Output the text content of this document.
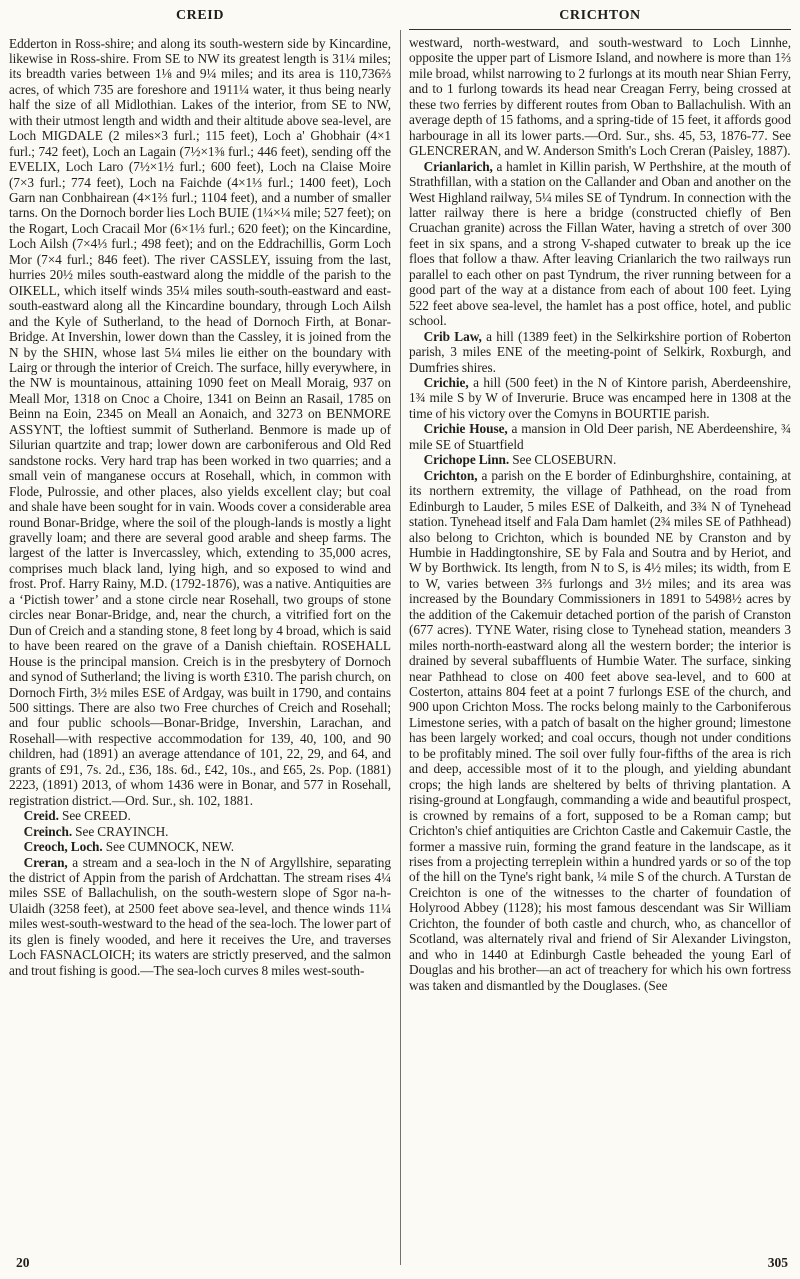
CREID

Edderton in Ross-shire; and along its south-western side by Kincardine, likewise in Ross-shire. From SE to NW its greatest length is 31¼ miles; its breadth varies between 1⅛ and 9¼ miles; and its area is 110,736⅔ acres, of which 735 are foreshore and 1911¼ water, it thus being nearly half the size of all Midlothian. Lakes of the interior, from SE to NW, with their utmost length and width and their altitude above sea-level, are Loch MIGDALE (2 miles×3 furl.; 115 feet), Loch a' Ghobhair (4×1 furl.; 742 feet), Loch an Lagain (7½×1⅜ furl.; 446 feet), sending off the EVELIX, Loch Laro (7½×1½ furl.; 600 feet), Loch na Claise Moire (7×3 furl.; 774 feet), Loch na Faichde (4×1⅓ furl.; 1400 feet), Loch Garn nan Conbhairean (4×1⅔ furl.; 1104 feet), and a number of smaller tarns. On the Dornoch border lies Loch BUIE (1¼×¼ mile; 527 feet); on the Rogart, Loch Cracail Mor (6×1⅓ furl.; 620 feet); on the Kincardine, Loch Ailsh (7×4⅓ furl.; 498 feet); and on the Eddrachillis, Gorm Loch Mor (7×4 furl.; 846 feet). The river CASSLEY, issuing from the last, hurries 20½ miles south-eastward along the middle of the parish to the OIKELL, which itself winds 35¼ miles south-south-eastward and east-south-eastward along all the Kincardine boundary, through Loch Ailsh and the Kyle of Sutherland, to the head of Dornoch Firth, at Bonar-Bridge. At Invershin, lower down than the Cassley, it is joined from the N by the SHIN, whose last 5¼ miles lie either on the boundary with Lairg or through the interior of Creich. The surface, hilly everywhere, in the NW is mountainous, attaining 1090 feet on Meall Moraig, 937 on Meall Mor, 1318 on Cnoc a Choire, 1341 on Beinn an Rasail, 1785 on Beinn na Eoin, 2345 on Meall an Aonaich, and 3273 on BENMORE ASSYNT, the loftiest summit of Sutherland. Benmore is made up of Silurian quartzite and trap; lower down are carboniferous and Old Red sandstone rocks. Very hard trap has been worked in two quarries; and a small vein of manganese occurs at Rosehall, which, in common with Flode, Pulrossie, and other places, also yields excellent clay; but coal and shale have been sought for in vain. Woods cover a considerable area round Bonar-Bridge, where the soil of the plough-lands is mostly a light gravelly loam; and there are several good arable and sheep farms. The largest of the latter is Invercassley, which, extending to 35,000 acres, comprises much black land, lying high, and so exposed to wind and frost. Prof. Harry Rainy, M.D. (1792-1876), was a native. Antiquities are a ‘Pictish tower’ and a stone circle near Rosehall, two groups of stone circles near Bonar-Bridge, and, near the church, a vitrified fort on the Dun of Creich and a standing stone, 8 feet long by 4 broad, which is said to have been reared on the grave of a Danish chieftain. ROSEHALL House is the principal mansion. Creich is in the presbytery of Dornoch and synod of Sutherland; the living is worth £310. The parish church, on Dornoch Firth, 3½ miles ESE of Ardgay, was built in 1790, and contains 500 sittings. There are also two Free churches of Creich and Rosehall; and four public schools—Bonar-Bridge, Invershin, Larachan, and Rosehall—with respective accommodation for 139, 40, 100, and 90 children, had (1891) an average attendance of 101, 22, 29, and 64, and grants of £91, 7s. 2d., £36, 18s. 6d., £42, 10s., and £65, 2s. Pop. (1881) 2223, (1891) 2013, of whom 1436 were in Bonar, and 577 in Rosehall, registration district.—Ord. Sur., sh. 102, 1881.

Creid. See CREED.

Creinch. See CRAYINCH.

Creoch, Loch. See CUMNOCK, NEW.

Creran, a stream and a sea-loch in the N of Argyllshire, separating the district of Appin from the parish of Ardchattan. The stream rises 4¼ miles SSE of Ballachulish, on the south-western slope of Sgor na-h-Ulaidh (3258 feet), at 2500 feet above sea-level, and thence winds 11¼ miles west-south-westward to the head of the sea-loch. The lower part of its glen is finely wooded, and here it receives the Ure, and traverses Loch FASNACLOICH; its waters are strictly preserved, and the salmon and trout fishing is good.—The sea-loch curves 8 miles west-south-

CRICHTON

westward, north-westward, and south-westward to Loch Linnhe, opposite the upper part of Lismore Island, and nowhere is more than 1⅔ mile broad, whilst narrowing to 2 furlongs at its mouth near Shian Ferry, and to 1 furlong towards its head near Creagan Ferry, being crossed at these two ferries by different routes from Oban to Ballachulish. With an average depth of 15 fathoms, and a spring-tide of 15 feet, it affords good harbourage in all its lower parts.—Ord. Sur., shs. 45, 53, 1876-77. See GLENCRERAN, and W. Anderson Smith's Loch Creran (Paisley, 1887).

Crianlarich, a hamlet in Killin parish, W Perthshire, at the mouth of Strathfillan, with a station on the Callander and Oban and another on the West Highland railway, 5¼ miles SE of Tyndrum. In connection with the latter railway there is here a bridge (constructed chiefly of Ben Cruachan granite) across the Fillan Water, having a stretch of over 300 feet in six spans, and a strong V-shaped cutwater to break up the ice floes that follow a thaw. After leaving Crianlarich the two railways run parallel to each other on past Tyndrum, the river running between for a good part of the way at a distance from each of about 100 feet. Lying 522 feet above sea-level, the hamlet has a post office, hotel, and public school.

Crib Law, a hill (1389 feet) in the Selkirkshire portion of Roberton parish, 3 miles ENE of the meeting-point of Selkirk, Roxburgh, and Dumfries shires.

Crichie, a hill (500 feet) in the N of Kintore parish, Aberdeenshire, 1¾ mile S by W of Inverurie. Bruce was encamped here in 1308 at the time of his victory over the Comyns in BOURTIE parish.

Crichie House, a mansion in Old Deer parish, NE Aberdeenshire, ¾ mile SE of Stuartfield

Crichope Linn. See CLOSEBURN.

Crichton, a parish on the E border of Edinburghshire, containing, at its northern extremity, the village of Pathhead, on the road from Edinburgh to Lauder, 5 miles ESE of Dalkeith, and 3¾ N of Tynehead station. Tynehead itself and Fala Dam hamlet (2¾ miles SE of Pathhead) also belong to Crichton, which is bounded NE by Cranston and by Humbie in Haddingtonshire, SE by Fala and Soutra and by Heriot, and W by Borthwick. Its length, from N to S, is 4½ miles; its width, from E to W, varies between 3⅔ furlongs and 3½ miles; and its area was increased by the Boundary Commissioners in 1891 to 5498½ acres by the addition of the Cakemuir detached portion of the parish of Cranston (677 acres). TYNE Water, rising close to Tynehead station, meanders 3 miles north-north-eastward along all the western border; the interior is drained by several subaffluents of Humbie Water. The surface, sinking near Pathhead to close on 400 feet above sea-level, and to 600 at Costerton, attains 804 feet at a point 7 furlongs ESE of the church, and 900 upon Crichton Moss. The rocks belong mainly to the Carboniferous Limestone series, with a patch of basalt on the higher ground; limestone has been largely worked; and coal occurs, though not under conditions to be profitably mined. The soil over fully four-fifths of the area is rich and deep, accessible most of it to the plough, and yielding abundant crops; the high lands are sheltered by belts of thriving plantation. A rising-ground at Longfaugh, commanding a wide and beautiful prospect, is crowned by remains of a fort, supposed to be a Roman camp; but Crichton's chief antiquities are Crichton Castle and Cakemuir Castle, the former a massive ruin, forming the grand feature in the landscape, as it rises from a projecting terreplein within a hundred yards or so of the top of the hill on the Tyne's right bank, ¼ mile S of the church. A Turstan de Creichton is one of the witnesses to the charter of foundation of Holyrood Abbey (1128); his most famous descendant was Sir William Crichton, the founder of both castle and church, who, as chancellor of Scotland, was alternately rival and friend of Sir Alexander Livingston, and who in 1440 at Edinburgh Castle beheaded the young Earl of Douglas and his brother—an act of treachery for which his own fortress was taken and dismantled by the Douglases. (See

20	305
